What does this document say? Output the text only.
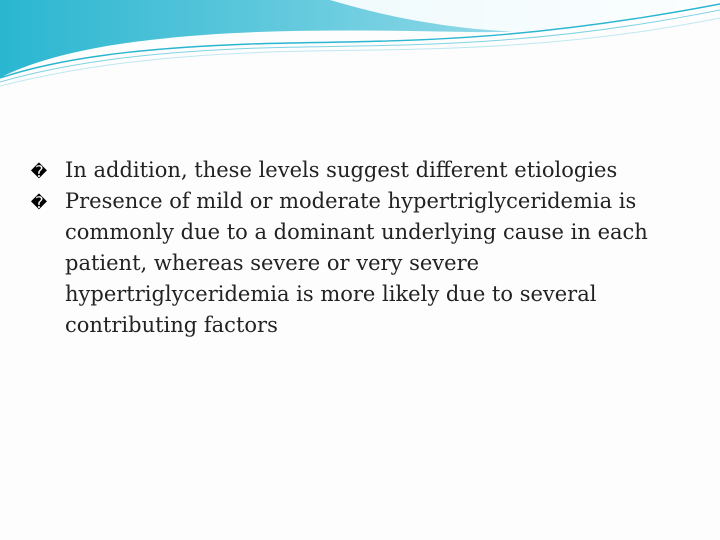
� In addition, these levels suggest different etiologies
� Presence of mild or moderate hypertriglyceridemia is commonly due to a dominant underlying cause in each patient, whereas severe or very severe hypertriglyceridemia is more likely due to several contributing factors
